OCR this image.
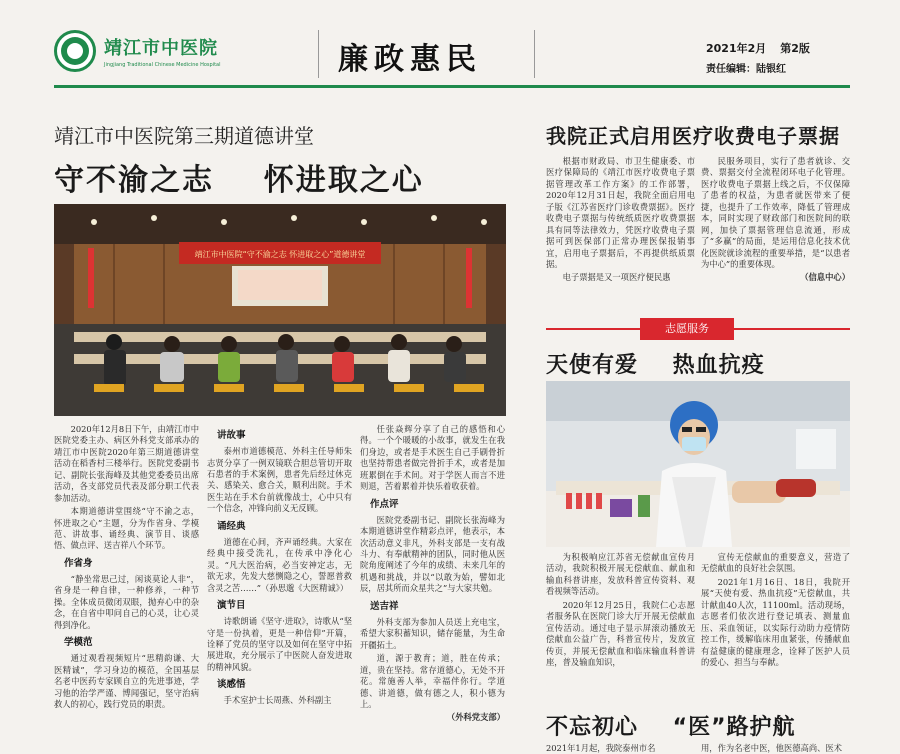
靖江市中医院
Jingjiang Traditional Chinese Medicine Hospital	廉政惠民	2021年2月 第2版
责任编辑：陆银红
靖江市中医院第三期道德讲堂
守不渝之志    怀进取之心
靖江市中医院“守不渝之志 怀进取之心”道德讲堂

2020年12月8日下午，由靖江市中医院党委主办、病区外科党支部承办的靖江市中医院2020年第三期道德讲堂活动在稻香村三楼举行。医院党委副书记、副院长张海峰及其他党委委员出席活动，各支部党员代表及部分职工代表参加活动。

本期道德讲堂围绕“守不渝之志，怀进取之心”主题，分为作省身、学模范、讲故事、诵经典、演节目、谈感悟、做点评、送吉祥八个环节。

作省身

“静坐常思己过，闲谈莫论人非”，省身是一种自律，一种修养，一种节操。全体成员微闭双眼，抛弃心中的杂念，在自省中叩问自己的心灵，让心灵得到净化。

学模范

通过观看视频短片“思精韵谦、大医精诚”，学习身边的模范，全国基层名老中医药专家顾自立的先进事迹，学习他的治学严谨、博闻强记，坚守治病救人的初心，践行党员的职责。

讲故事

泰州市道德模范、外科主任导师朱志贤分享了一例双镜联合胆总管切开取石患者的手术案例，患者先后经过休克关、感染关、愈合关，顺利出院。手术医生站在手术台前就像战士，心中只有一个信念，冲锋向前义无反顾。

诵经典

道德在心间，齐声诵经典。大家在经典中接受洗礼，在传承中净化心灵。“凡大医治病，必当安神定志，无欲无求，先发大慈恻隐之心，誓愿普救含灵之苦……”（孙思邈《大医精诚》）

演节目

诗歌朗诵《坚守·进取》，诗歌从“坚守是一份执着，更是一种信仰”开篇，诠释了党员的坚守以及如何在坚守中拓展进取，充分展示了中医院人奋发进取的精神风貌。

谈感悟

手术室护士长周燕、外科副主

任张焱辉分享了自己的感悟和心得。一个个暖暖的小故事，就发生在我们身边，或者是手术医生自己手刷骨折也坚持帮患者做完骨折手术，或者是加班累倒在手术间。对于学医人而言不进则退，苦着累着并快乐着收获着。

作点评

医院党委副书记、副院长张海峰为本期道德讲堂作精彩点评，他表示，本次活动意义非凡，外科支部是一支有战斗力、有奉献精神的团队，同时他从医院角度阐述了今年的成绩、未来几年的机遇和挑战，并以“以敢为始，譬如北辰，居其所而众星共之”与大家共勉。

送吉祥

外科支部为参加人员送上充电宝，希望大家积蓄知识，储存能量，为生命开疆拓土。

道，源于教育；道，胜在传承；道，贵在坚持。常存道德心，无处不开花。常施善人举，幸福伴你行。学道德、讲道德，做有德之人，积小德为上。

（外科党支部）

我院正式启用医疗收费电子票据

根据市财政局、市卫生健康委、市医疗保障局的《靖江市医疗收费电子票据管理改革工作方案》的工作部署，2020年12月31日起，我院全面启用电子版《江苏省医疗门诊收费票据》。医疗收费电子票据与传统纸质医疗收费票据具有同等法律效力，凭医疗收费电子票据可到医保部门正常办理医保报销事宜，启用电子票据后，不再提供纸质票据。

电子票据是又一项医疗便民惠

民服务项目，实行了患者就诊、交费、票据交付全流程闭环电子化管理。医疗收费电子票据上线之后，不仅保障了患者的权益，为患者就医带来了便捷，也提升了工作效率，降低了管理成本，同时实现了财政部门和医院间的联网，加快了票据管理信息流通，形成了“多赢”的局面，是运用信息化技术优化医院就诊流程的重要举措，是“以患者为中心”的重要体现。

（信息中心）

志愿服务
天使有爱    热血抗疫

为积极响应江苏省无偿献血宣传月活动，我院积极开展无偿献血、献血和输血科普讲座，发放科普宣传资料、观看视频等活动。

2020年12月25日，我院仁心志愿者服务队在医院门诊大厅开展无偿献血宣传活动。通过电子显示屏滚动播放无偿献血公益广告，科普宣传片，发放宣传页，并展无偿献血和临床输血科普讲座，普及输血知识，

宣传无偿献血的重要意义，营造了无偿献血的良好社会氛围。

2021年1月16日、18日，我院开展“天使有爱、热血抗疫”无偿献血，共计献血40人次，11100ml。活动现场，志愿者们依次进行登记填表、测量血压、采血领证，以实际行动助力疫情防控工作，缓解临床用血紧张，传播献血有益健康的健康理念，诠释了医护人员的爱心、担当与奉献。

不忘初心    “医”路护航
2021年1月起，我院泰州市名	用，作为名老中医，他医德高尚、医术
